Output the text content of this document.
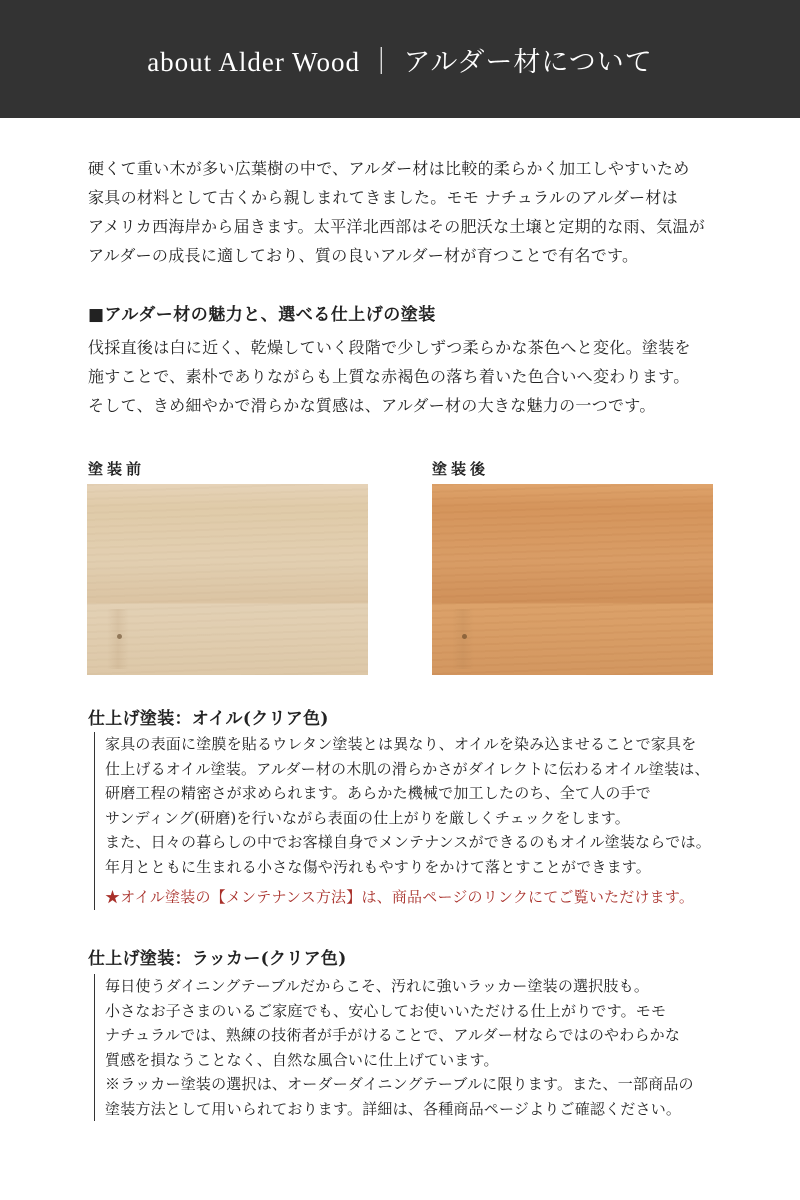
about Alder Wood ｜ アルダー材について
硬くて重い木が多い広葉樹の中で、アルダー材は比較的柔らかく加工しやすいため
家具の材料として古くから親しまれてきました。モモ ナチュラルのアルダー材は
アメリカ西海岸から届きます。太平洋北西部はその肥沃な土壌と定期的な雨、気温が
アルダーの成長に適しており、質の良いアルダー材が育つことで有名です。
■アルダー材の魅力と、選べる仕上げの塗装
伐採直後は白に近く、乾燥していく段階で少しずつ柔らかな茶色へと変化。塗装を
施すことで、素朴でありながらも上質な赤褐色の落ち着いた色合いへ変わります。
そして、きめ細やかで滑らかな質感は、アルダー材の大きな魅力の一つです。
塗装前	塗装後
仕上げ塗装：オイル(クリア色)

家具の表面に塗膜を貼るウレタン塗装とは異なり、オイルを染み込ませることで家具を

仕上げるオイル塗装。アルダー材の木肌の滑らかさがダイレクトに伝わるオイル塗装は、

研磨工程の精密さが求められます。あらかた機械で加工したのち、全て人の手で

サンディング(研磨)を行いながら表面の仕上がりを厳しくチェックをします。

また、日々の暮らしの中でお客様自身でメンテナンスができるのもオイル塗装ならでは。

年月とともに生まれる小さな傷や汚れもやすりをかけて落とすことができます。

★オイル塗装の【メンテナンス方法】は、商品ページのリンクにてご覧いただけます。

仕上げ塗装：ラッカー(クリア色)

毎日使うダイニングテーブルだからこそ、汚れに強いラッカー塗装の選択肢も。

小さなお子さまのいるご家庭でも、安心してお使いいただける仕上がりです。モモ

ナチュラルでは、熟練の技術者が手がけることで、アルダー材ならではのやわらかな

質感を損なうことなく、自然な風合いに仕上げています。

※ラッカー塗装の選択は、オーダーダイニングテーブルに限ります。また、一部商品の

塗装方法として用いられております。詳細は、各種商品ページよりご確認ください。
